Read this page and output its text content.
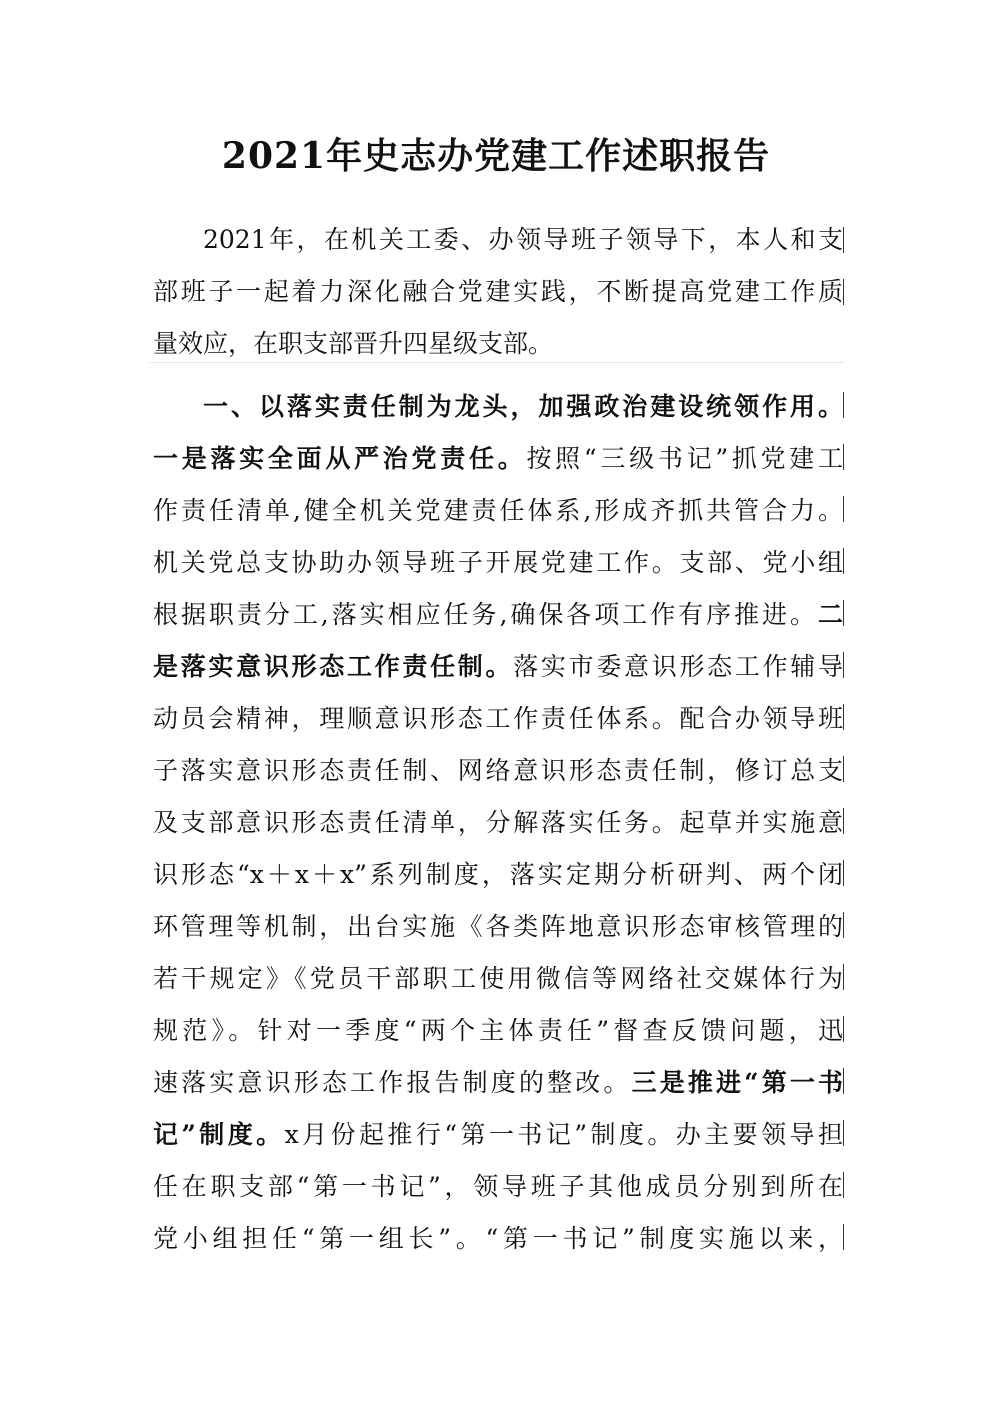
2021年史志办党建工作述职报告
2021年，在机关工委、办领导班子领导下，本人和支
部班子一起着力深化融合党建实践，不断提高党建工作质
量效应，在职支部晋升四星级支部。
一、以落实责任制为龙头，加强政治建设统领作用。
一是落实全面从严治党责任。按照“三级书记”抓党建工
作责任清单,健全机关党建责任体系,形成齐抓共管合力。
机关党总支协助办领导班子开展党建工作。支部、党小组
根据职责分工,落实相应任务,确保各项工作有序推进。二
是落实意识形态工作责任制。落实市委意识形态工作辅导
动员会精神，理顺意识形态工作责任体系。配合办领导班
子落实意识形态责任制、网络意识形态责任制，修订总支
及支部意识形态责任清单，分解落实任务。起草并实施意
识形态“x＋x＋x”系列制度，落实定期分析研判、两个闭
环管理等机制，出台实施《各类阵地意识形态审核管理的
若干规定》《党员干部职工使用微信等网络社交媒体行为
规范》。针对一季度“两个主体责任”督查反馈问题，迅
速落实意识形态工作报告制度的整改。三是推进“第一书
记”制度。x月份起推行“第一书记”制度。办主要领导担
任在职支部“第一书记”，领导班子其他成员分别到所在
党小组担任“第一组长”。“第一书记”制度实施以来，
